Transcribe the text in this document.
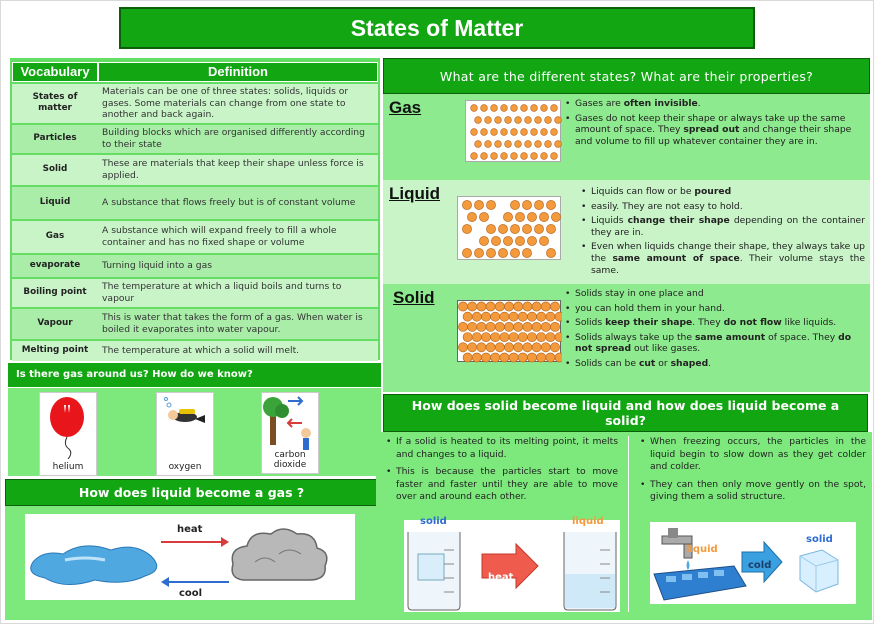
States of Matter
Vocabulary	Definition
States of matter	Materials can be one of three states: solids, liquids or gases. Some materials can change from one state to another and back again.
Particles	Building blocks which are organised differently according to their state
Solid	These are materials that keep their shape unless force is applied.
Liquid	A substance that flows freely but is of constant volume
Gas	A substance which will expand freely to fill a whole container and has no fixed shape or volume
evaporate	Turning liquid into a gas
Boiling point	The temperature at which a liquid boils and turns to vapour
Vapour	This is water that takes the form of a gas. When water is boiled it evaporates into water vapour.
Melting point	The temperature at which a solid will melt.
Is there gas around us? How do we know?
helium	oxygen
carbon dioxide
How does liquid become a gas ?
heat
cool
What are the different states? What are their properties?
Gas	• Gases are often invisible.
• Gases do not keep their shape or always take up the same amount of space. They spread out and change their shape and volume to fill up whatever container they are in.
Liquid	• Liquids can flow or be poured
• easily. They are not easy to hold.
• Liquids change their shape depending on the container they are in.
• Even when liquids change their shape, they always take up the same amount of space. Their volume stays the same.
Solid	• Solids stay in one place and
• you can hold them in your hand.
• Solids keep their shape. They do not flow like liquids.
• Solids always take up the same amount of space. They do not spread out like gases.
• Solids can be cut or shaped.
How does solid become liquid and how does liquid become a solid?
• If a solid is heated to its melting point, it melts and changes to a liquid.
• This is because the particles start to move faster and faster until they are able to move over and around each other.
• When freezing occurs, the particles in the liquid begin to slow down as they get colder and colder.
• They can then only move gently on the spot, giving them a solid structure.
solid
heat
liquid
liquid
cold
solid
